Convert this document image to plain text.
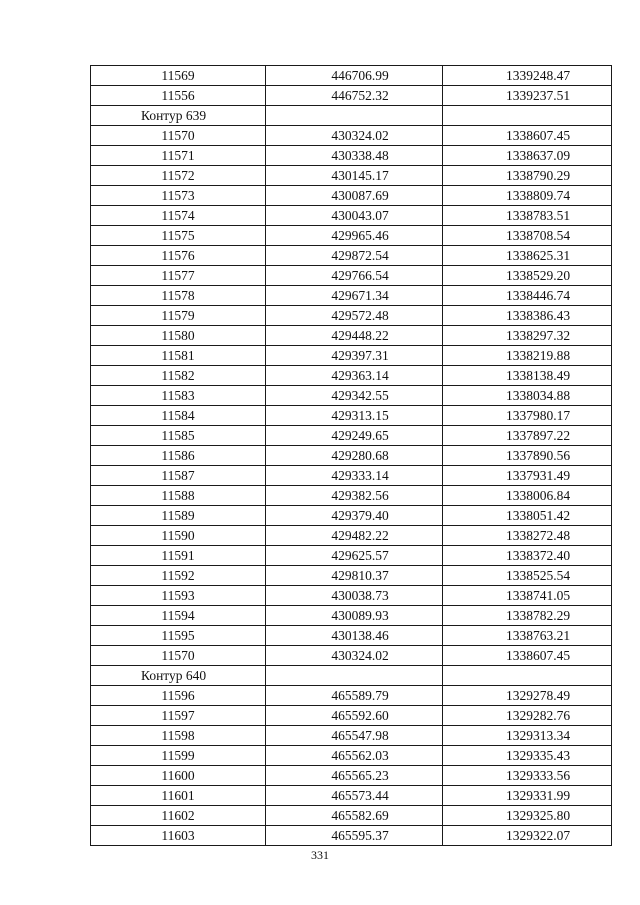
11569	446706.99	1339248.47
11556	446752.32	1339237.51
Контур 639		
11570	430324.02	1338607.45
11571	430338.48	1338637.09
11572	430145.17	1338790.29
11573	430087.69	1338809.74
11574	430043.07	1338783.51
11575	429965.46	1338708.54
11576	429872.54	1338625.31
11577	429766.54	1338529.20
11578	429671.34	1338446.74
11579	429572.48	1338386.43
11580	429448.22	1338297.32
11581	429397.31	1338219.88
11582	429363.14	1338138.49
11583	429342.55	1338034.88
11584	429313.15	1337980.17
11585	429249.65	1337897.22
11586	429280.68	1337890.56
11587	429333.14	1337931.49
11588	429382.56	1338006.84
11589	429379.40	1338051.42
11590	429482.22	1338272.48
11591	429625.57	1338372.40
11592	429810.37	1338525.54
11593	430038.73	1338741.05
11594	430089.93	1338782.29
11595	430138.46	1338763.21
11570	430324.02	1338607.45
Контур 640		
11596	465589.79	1329278.49
11597	465592.60	1329282.76
11598	465547.98	1329313.34
11599	465562.03	1329335.43
11600	465565.23	1329333.56
11601	465573.44	1329331.99
11602	465582.69	1329325.80
11603	465595.37	1329322.07
331
